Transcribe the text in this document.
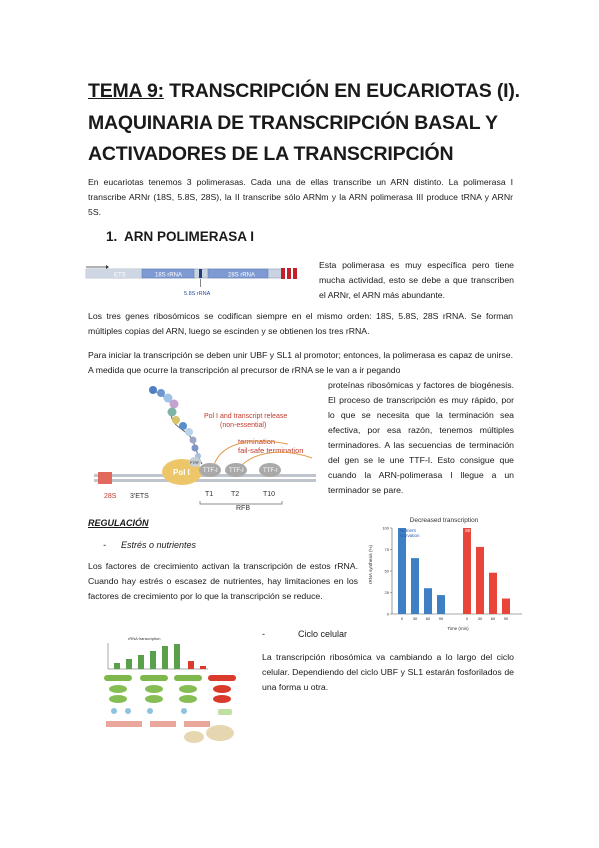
TEMA 9: TRANSCRIPCIÓN EN EUCARIOTAS (I).
MAQUINARIA DE TRANSCRIPCIÓN BASAL Y
ACTIVADORES DE LA TRANSCRIPCIÓN
En eucariotas tenemos 3 polimerasas. Cada una de ellas transcribe un ARN distinto. La polimerasa I transcribe ARNr (18S, 5.8S, 28S), la II transcribe sólo ARNm y la ARN polimerasa III produce tRNA y ARNr 5S.
1. ARN POLIMERASA I
ETS	18S rRNA	28S rRNA
5.8S rRNA
Esta polimerasa es muy específica pero tiene mucha actividad, esto se debe a que transcriben el ARNr, el ARN más abundante.
Los tres genes ribosómicos se codifican siempre en el mismo orden: 18S, 5.8S, 28S rRNA. Se forman múltiples copias del ARN, luego se escinden y se obtienen los tres rRNA.
Para iniciar la transcripción se deben unir UBF y SL1 al promotor; entonces, la polimerasa es capaz de unirse. A medida que ocurre la transcripción al precursor de rRNA se le van a ir pegando
Pol I and transcript release
(non-essential)
termination
fail-safe termination
28S 3'ETS
Pol I
PTRF
TTF-I TTF-I	TTF-I
T1	T2	T10
RFB
proteínas ribosómicas y factores de biogénesis. El proceso de transcripción es muy rápido, por lo que se necesita que la terminación sea efectiva, por esa razón, tenemos múltiples terminadores. A las secuencias de terminación del gen se le une TTF-I. Esto consigue que cuando la ARN-polimerasa I llegue a un terminador se pare.
REGULACIÓN
- Estrés o nutrientes
Los factores de crecimiento activan la transcripción de estos rRNA. Cuando hay estrés o escasez de nutrientes, hay limitaciones en los factores de crecimiento por lo que la transcripción se reduce.
Decreased transcription
rRNA synthesis (%)
0
25
50
75
100
0 30 60 90
Nutrient
starvation
0 30 60 90
Stress
Time (min)
rRNA transcription	-	Ciclo celular
La transcripción ribosómica va cambiando a lo largo del ciclo celular. Dependiendo del ciclo UBF y SL1 estarán fosforilados de una forma u otra.
